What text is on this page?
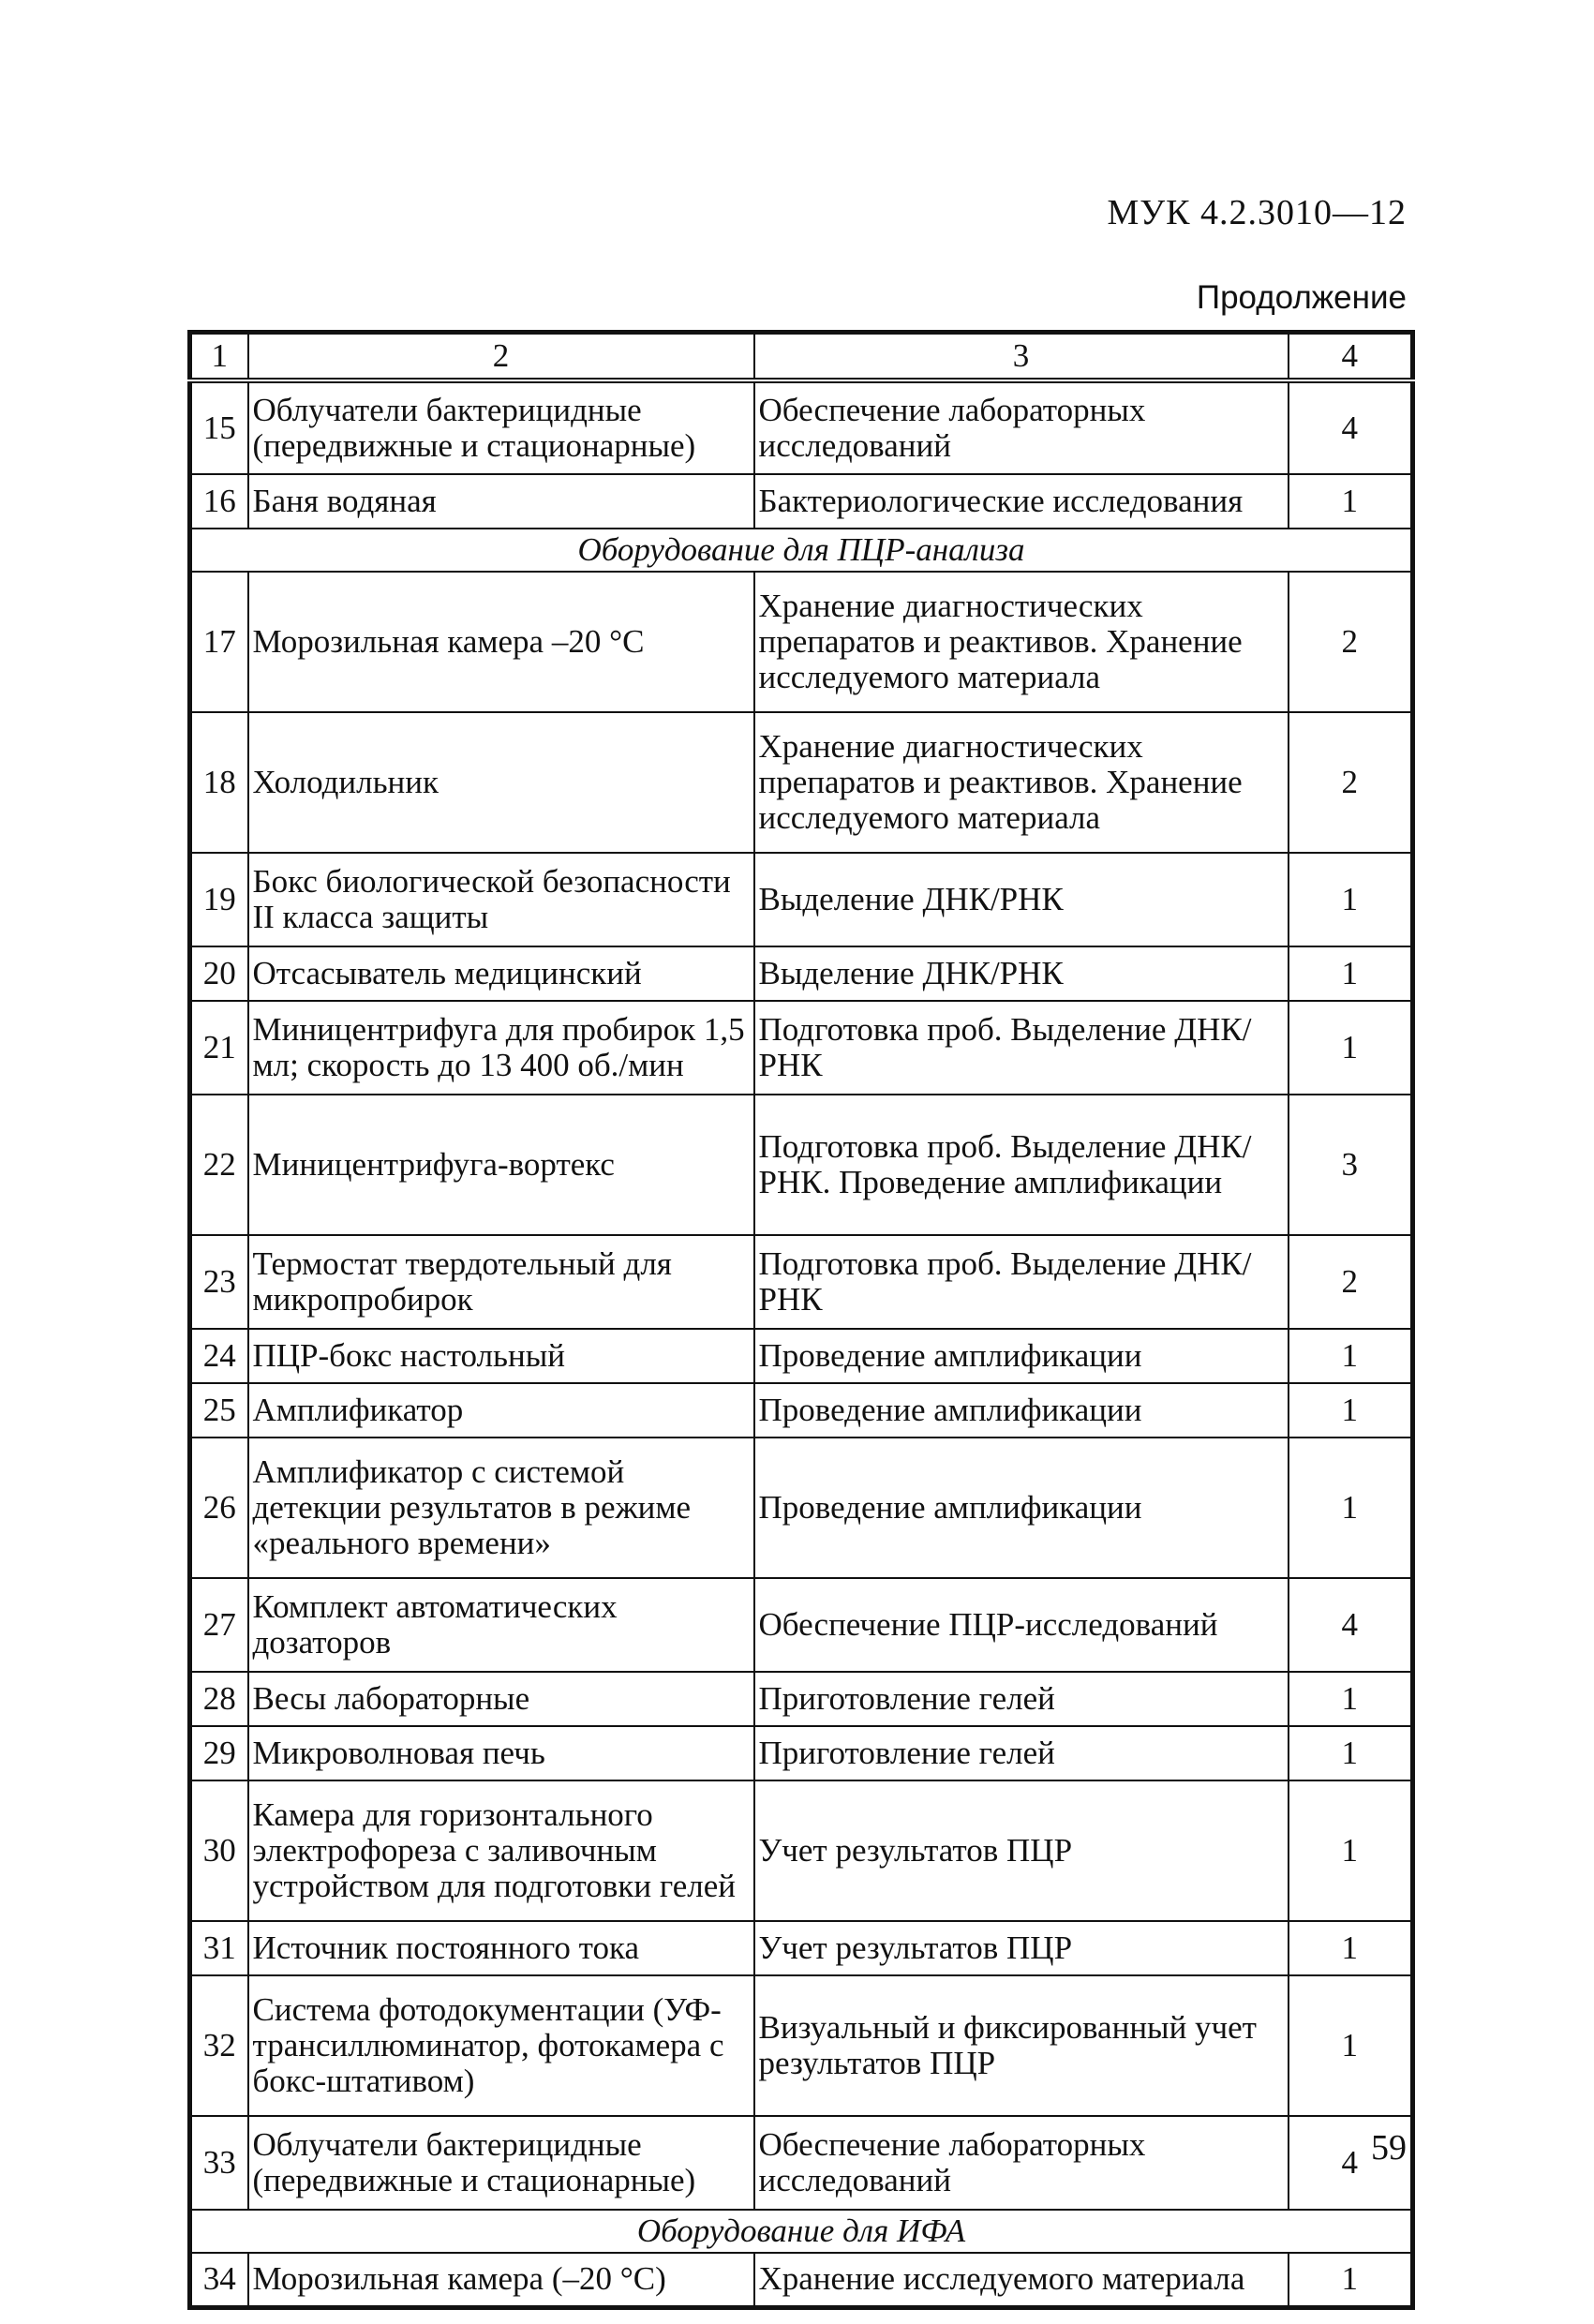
МУК 4.2.3010—12
Продолжение
1	2	3	4
15	Облучатели бактерицидные (передвижные и стационарные)	Обеспечение лабораторных исследований	4
16	Баня водяная	Бактериологические исследования	1
Оборудование для ПЦР-анализа			
17	Морозильная камера –20 °С	Хранение диагностических препаратов и реактивов. Хранение исследуемого материала	2
18	Холодильник	Хранение диагностических препаратов и реактивов. Хранение исследуемого материала	2
19	Бокс биологической безопасности II класса защиты	Выделение ДНК/РНК	1
20	Отсасыватель медицинский	Выделение ДНК/РНК	1
21	Миницентрифуга для пробирок 1,5 мл; скорость до 13 400 об./мин	Подготовка проб. Выделение ДНК/РНК	1
22	Миницентрифуга-вортекс	Подготовка проб. Выделение ДНК/РНК. Проведение амплификации	3
23	Термостат твердотельный для микропробирок	Подготовка проб. Выделение ДНК/РНК	2
24	ПЦР-бокс настольный	Проведение амплификации	1
25	Амплификатор	Проведение амплификации	1
26	Амплификатор с системой детекции результатов в режиме «реального времени»	Проведение амплификации	1
27	Комплект автоматических дозаторов	Обеспечение ПЦР-исследований	4
28	Весы лабораторные	Приготовление гелей	1
29	Микроволновая печь	Приготовление гелей	1
30	Камера для горизонтального электрофореза с заливочным устройством для подготовки гелей	Учет результатов ПЦР	1
31	Источник постоянного тока	Учет результатов ПЦР	1
32	Система фотодокументации (УФ-трансиллюминатор, фотокамера с бокс-штативом)	Визуальный и фиксированный учет результатов ПЦР	1
33	Облучатели бактерицидные (передвижные и стационарные)	Обеспечение лабораторных исследований	4
Оборудование для ИФА			
34	Морозильная камера (–20 °С)	Хранение исследуемого материала	1
59
